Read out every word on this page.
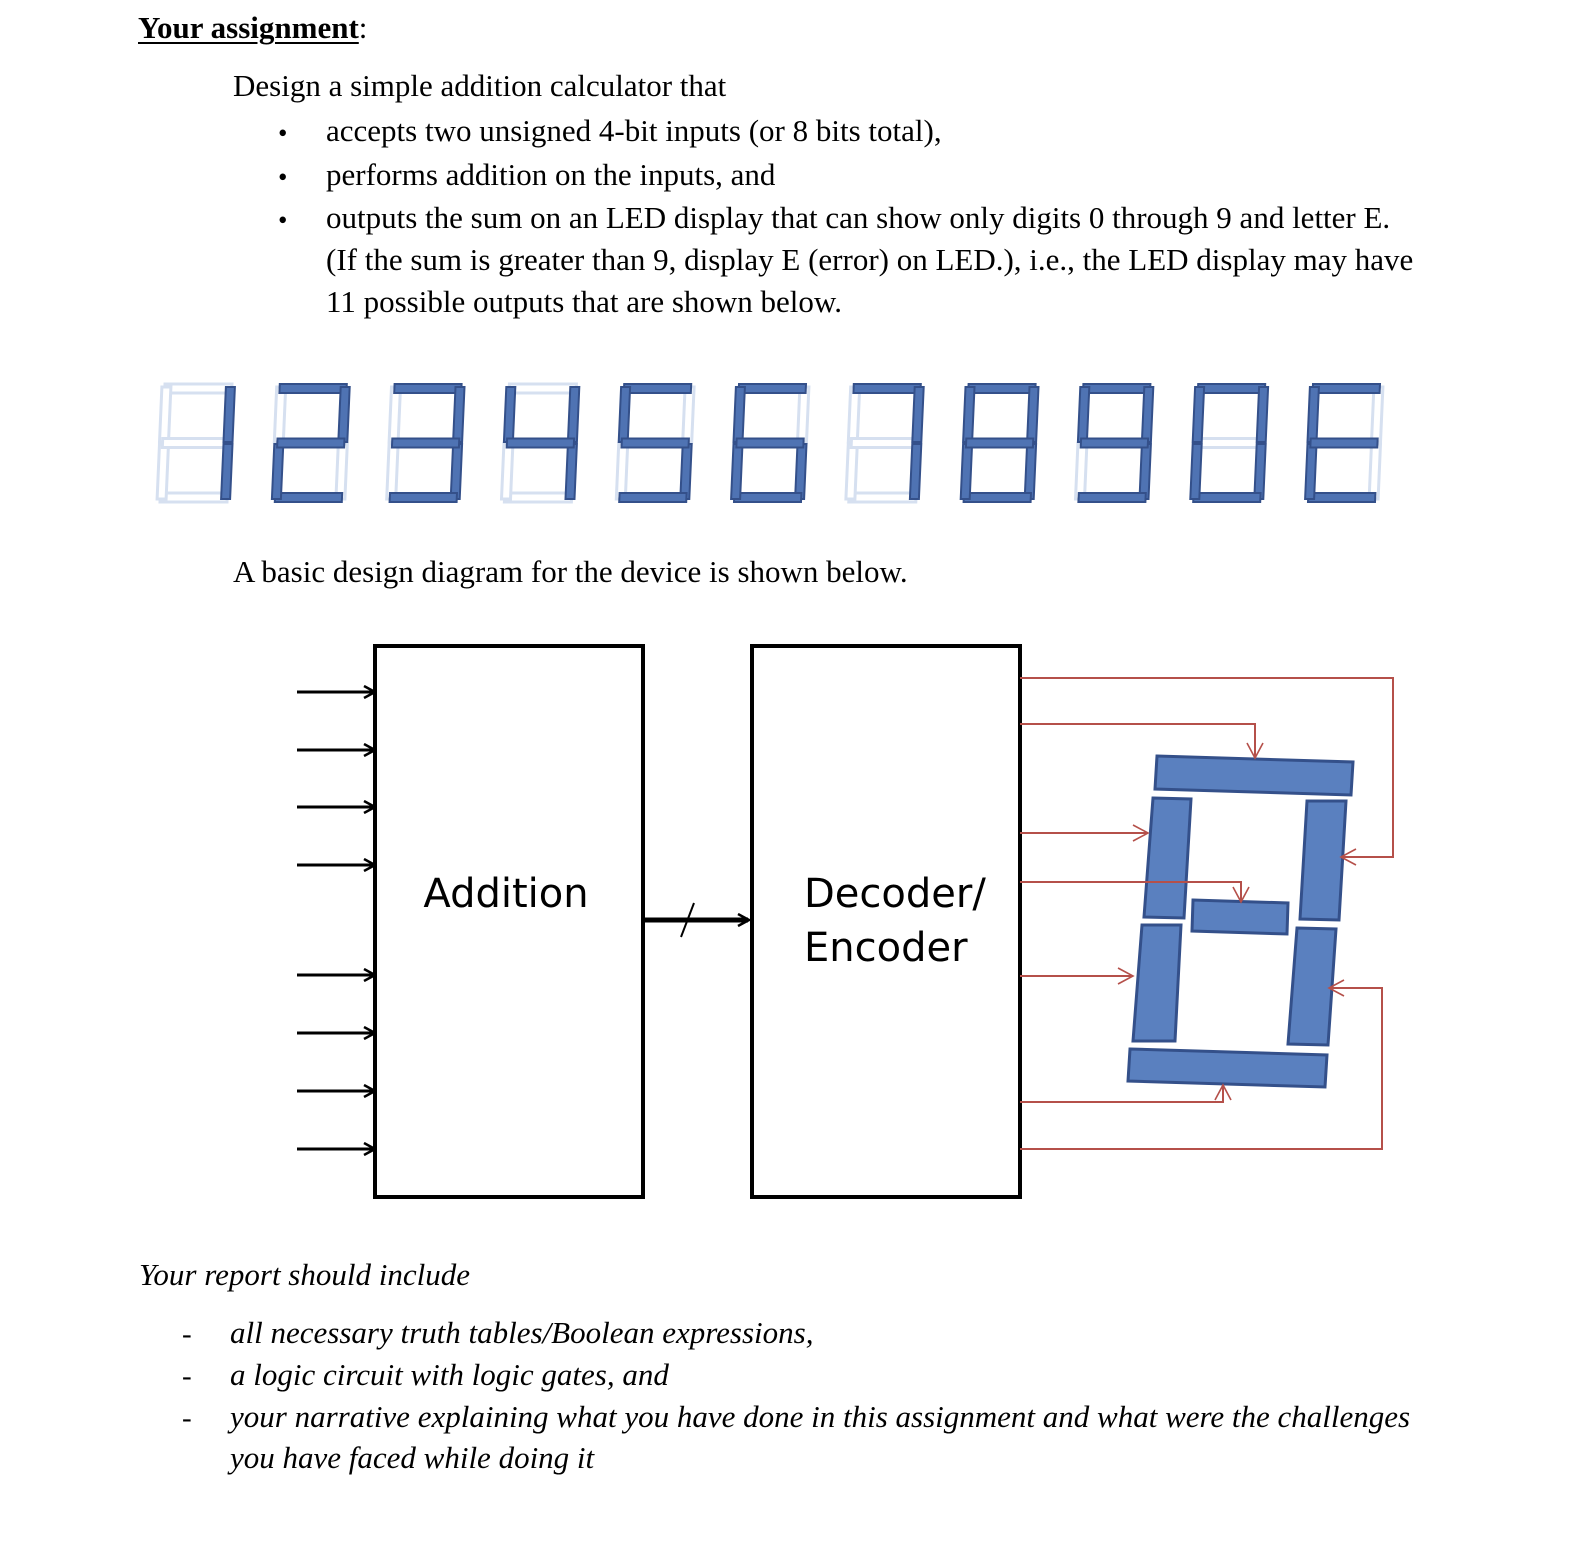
Your assignment:
Design a simple addition calculator that
• accepts two unsigned 4-bit inputs (or 8 bits total),
• performs addition on the inputs, and
• outputs the sum on an LED display that can show only digits 0 through 9 and letter E.
(If the sum is greater than 9, display E (error) on LED.), i.e., the LED display may have
11 possible outputs that are shown below.
A basic design diagram for the device is shown below.
Addition	Decoder/
Encoder
Your report should include
- all necessary truth tables/Boolean expressions,
- a logic circuit with logic gates, and
- your narrative explaining what you have done in this assignment and what were the challenges
you have faced while doing it
